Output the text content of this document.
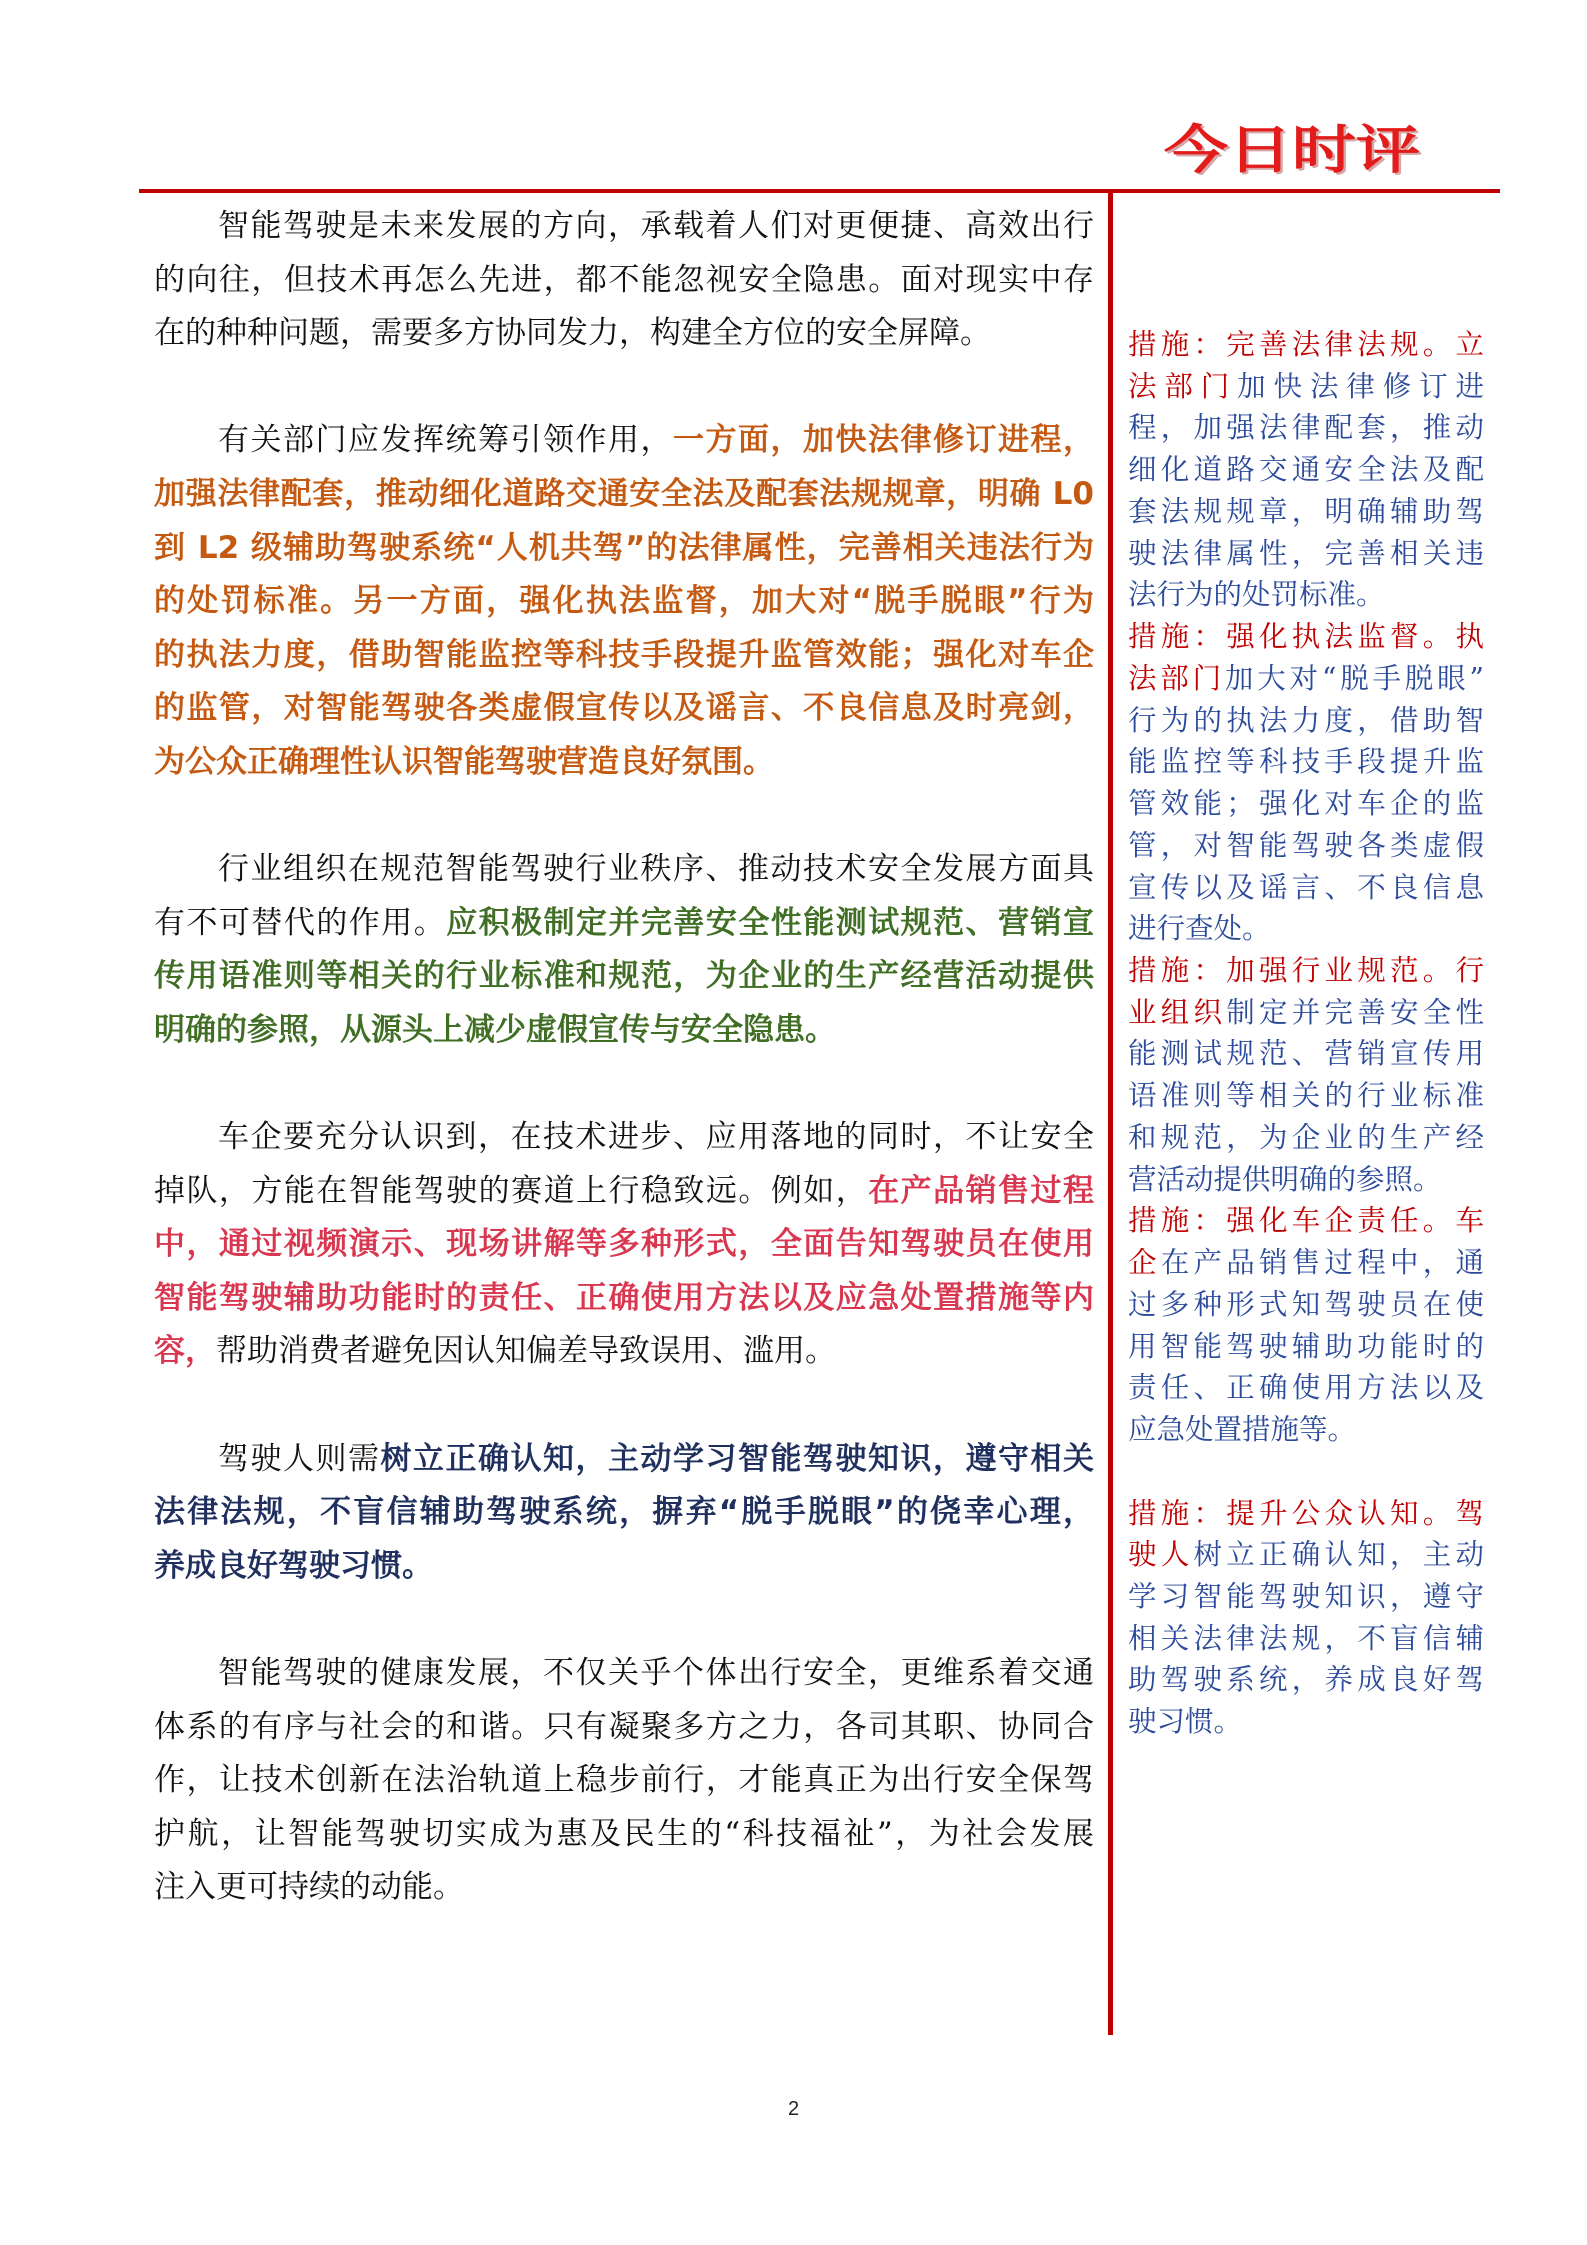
今日时评
智能驾驶是未来发展的方向，承载着人们对更便捷、高效出行
的向往，但技术再怎么先进，都不能忽视安全隐患。面对现实中存
在的种种问题，需要多方协同发力，构建全方位的安全屏障。
有关部门应发挥统筹引领作用，一方面，加快法律修订进程，
加强法律配套，推动细化道路交通安全法及配套法规规章，明确 L0
到 L2 级辅助驾驶系统“人机共驾”的法律属性，完善相关违法行为
的处罚标准。另一方面，强化执法监督，加大对“脱手脱眼”行为
的执法力度，借助智能监控等科技手段提升监管效能；强化对车企
的监管，对智能驾驶各类虚假宣传以及谣言、不良信息及时亮剑，
为公众正确理性认识智能驾驶营造良好氛围。
行业组织在规范智能驾驶行业秩序、推动技术安全发展方面具
有不可替代的作用。应积极制定并完善安全性能测试规范、营销宣
传用语准则等相关的行业标准和规范，为企业的生产经营活动提供
明确的参照，从源头上减少虚假宣传与安全隐患。
车企要充分认识到，在技术进步、应用落地的同时，不让安全
掉队，方能在智能驾驶的赛道上行稳致远。例如，在产品销售过程
中，通过视频演示、现场讲解等多种形式，全面告知驾驶员在使用
智能驾驶辅助功能时的责任、正确使用方法以及应急处置措施等内
容，帮助消费者避免因认知偏差导致误用、滥用。
驾驶人则需树立正确认知，主动学习智能驾驶知识，遵守相关
法律法规，不盲信辅助驾驶系统，摒弃“脱手脱眼”的侥幸心理，
养成良好驾驶习惯。
智能驾驶的健康发展，不仅关乎个体出行安全，更维系着交通
体系的有序与社会的和谐。只有凝聚多方之力，各司其职、协同合
作，让技术创新在法治轨道上稳步前行，才能真正为出行安全保驾
护航，让智能驾驶切实成为惠及民生的“科技福祉”，为社会发展
注入更可持续的动能。
措施：完善法律法规。立
法部门加快法律修订进
程，加强法律配套，推动
细化道路交通安全法及配
套法规规章，明确辅助驾
驶法律属性，完善相关违
法行为的处罚标准。
措施：强化执法监督。执
法部门加大对“脱手脱眼”
行为的执法力度，借助智
能监控等科技手段提升监
管效能；强化对车企的监
管，对智能驾驶各类虚假
宣传以及谣言、不良信息
进行查处。
措施：加强行业规范。行
业组织制定并完善安全性
能测试规范、营销宣传用
语准则等相关的行业标准
和规范，为企业的生产经
营活动提供明确的参照。
措施：强化车企责任。车
企在产品销售过程中，通
过多种形式知驾驶员在使
用智能驾驶辅助功能时的
责任、正确使用方法以及
应急处置措施等。
措施：提升公众认知。驾
驶人树立正确认知，主动
学习智能驾驶知识，遵守
相关法律法规，不盲信辅
助驾驶系统，养成良好驾
驶习惯。
2
